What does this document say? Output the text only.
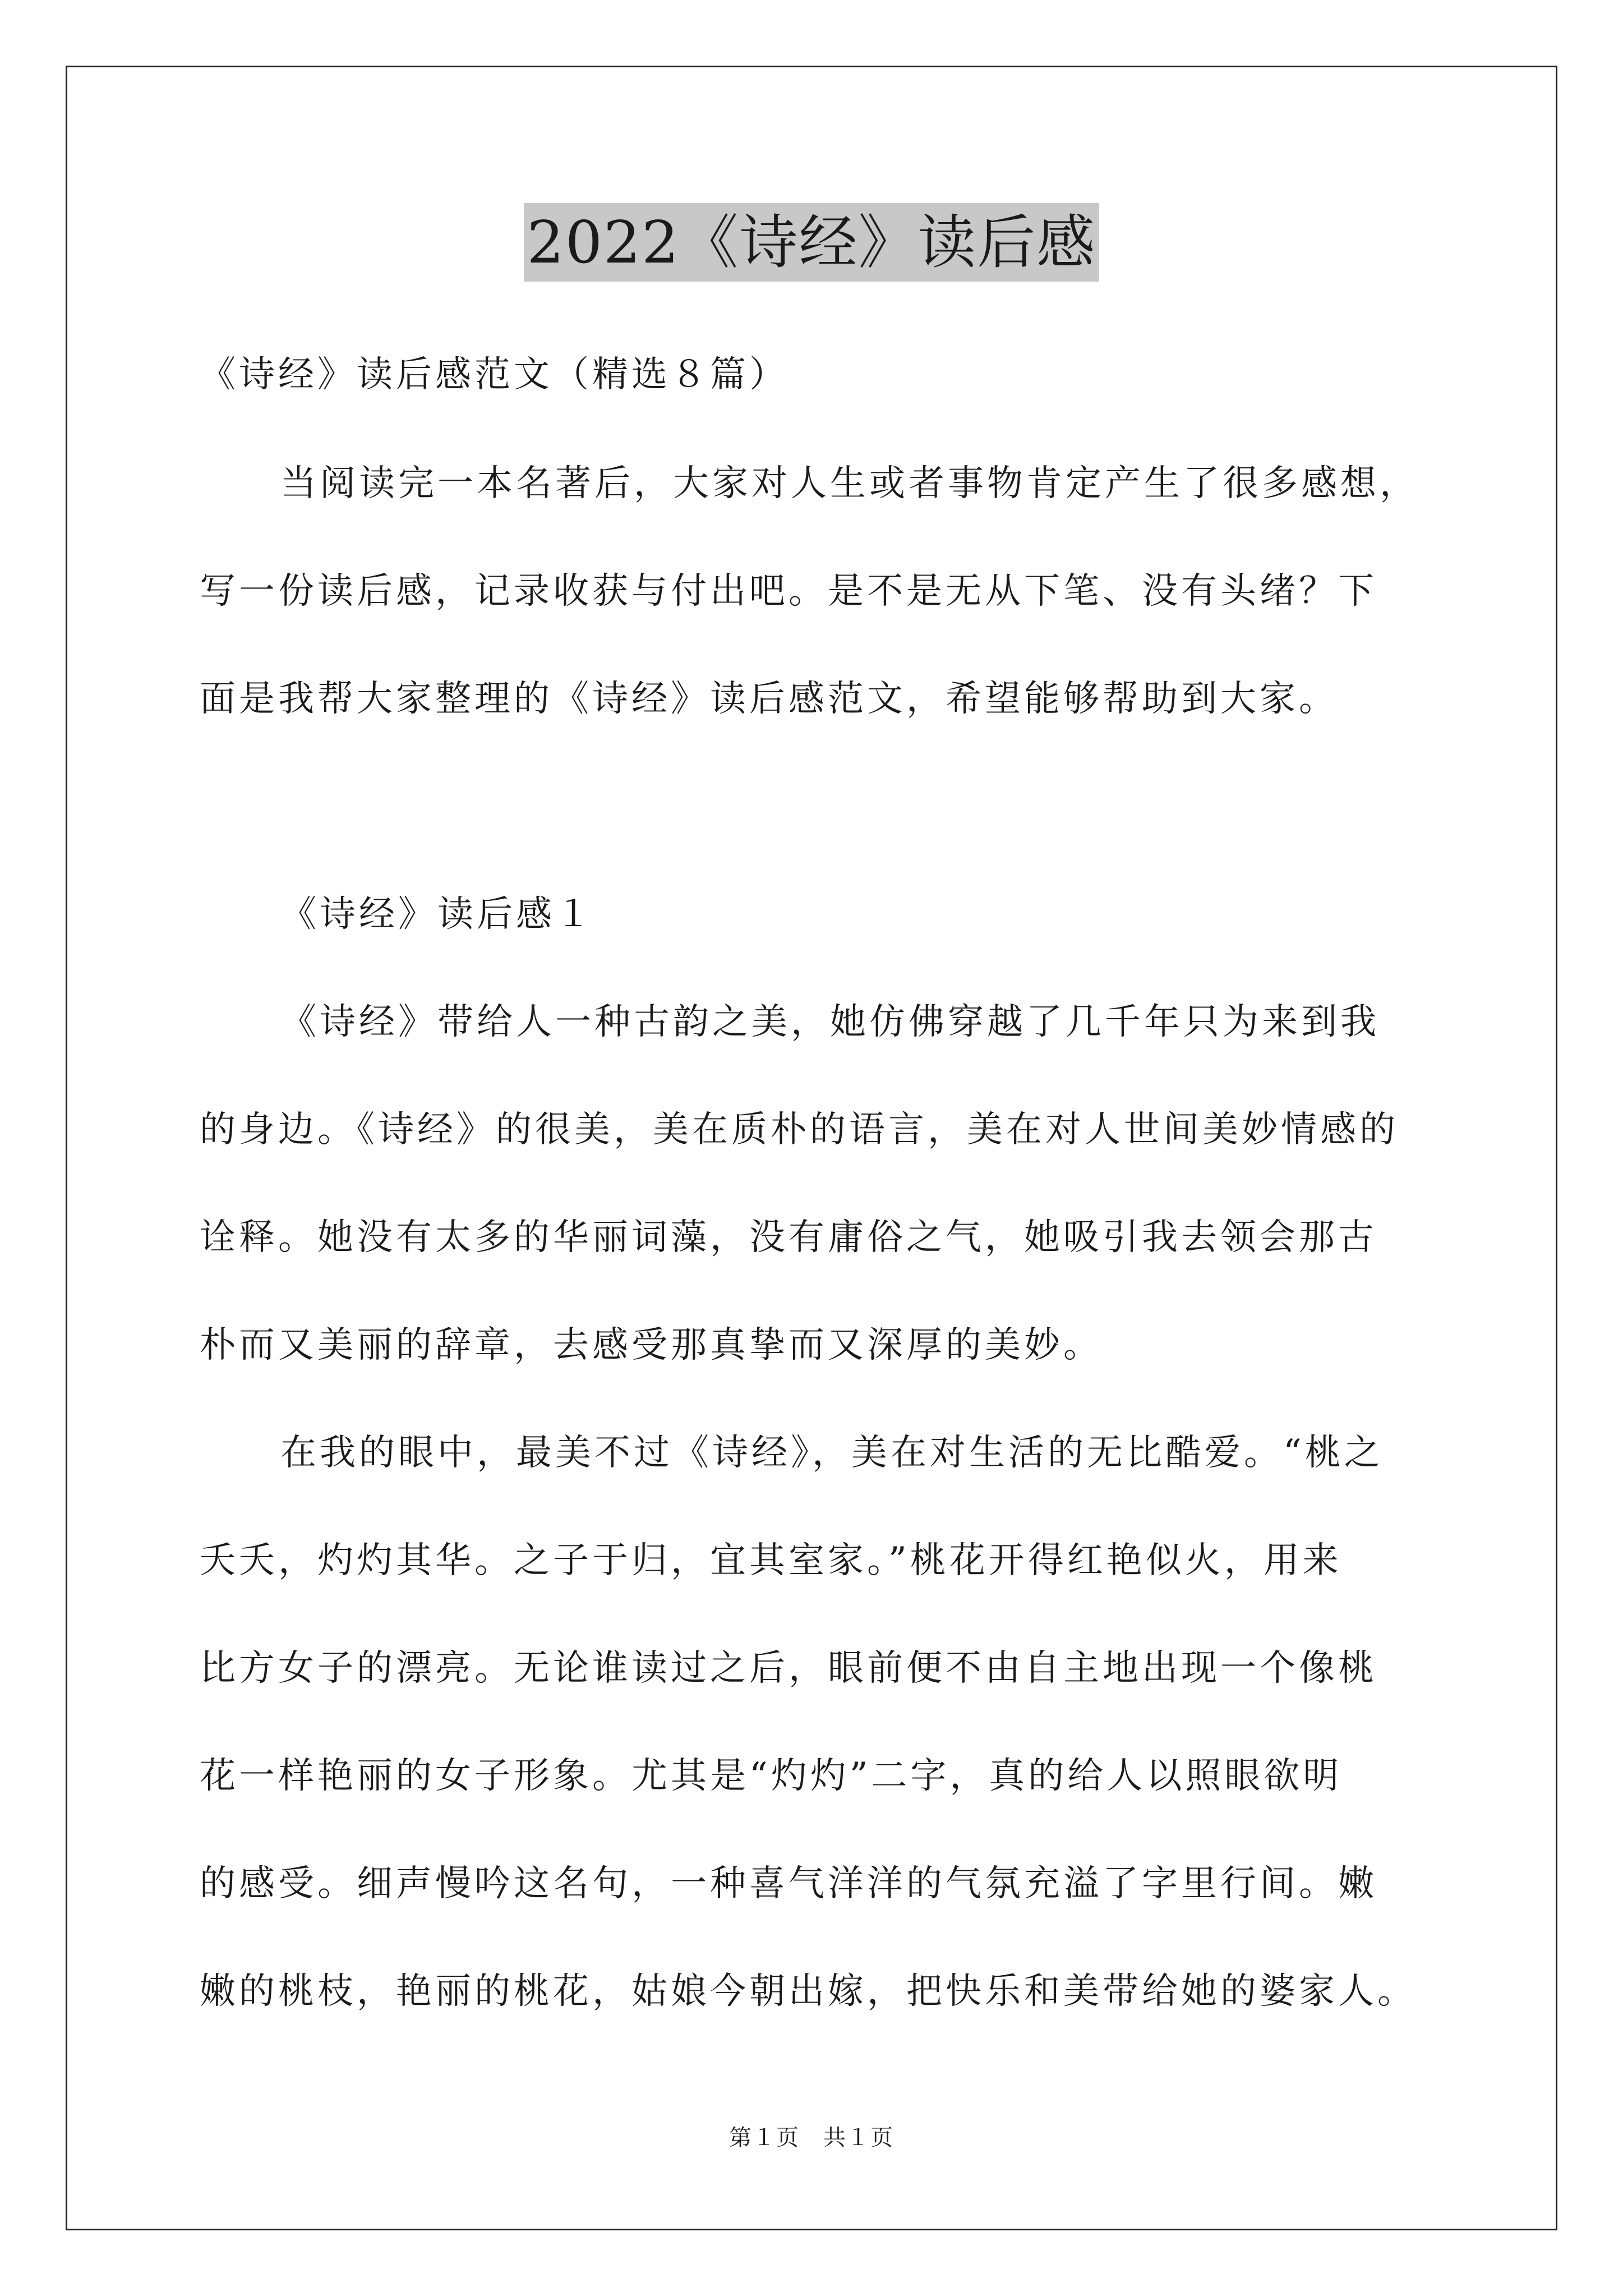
2022《诗经》读后感
《诗经》读后感范文（精选８篇）
当阅读完一本名著后，大家对人生或者事物肯定产生了很多感想，
写一份读后感，记录收获与付出吧。是不是无从下笔、没有头绪？下
面是我帮大家整理的《诗经》读后感范文，希望能够帮助到大家。
《诗经》读后感１
《诗经》带给人一种古韵之美，她仿佛穿越了几千年只为来到我
的身边。《诗经》的很美，美在质朴的语言，美在对人世间美妙情感的
诠释。她没有太多的华丽词藻，没有庸俗之气，她吸引我去领会那古
朴而又美丽的辞章，去感受那真挚而又深厚的美妙。
在我的眼中，最美不过《诗经》，美在对生活的无比酷爱。“桃之
夭夭，灼灼其华。之子于归，宜其室家。”桃花开得红艳似火，用来
比方女子的漂亮。无论谁读过之后，眼前便不由自主地出现一个像桃
花一样艳丽的女子形象。尤其是“灼灼”二字，真的给人以照眼欲明
的感受。细声慢吟这名句，一种喜气洋洋的气氛充溢了字里行间。嫩
嫩的桃枝，艳丽的桃花，姑娘今朝出嫁，把快乐和美带给她的婆家人。
第１页　共１页
